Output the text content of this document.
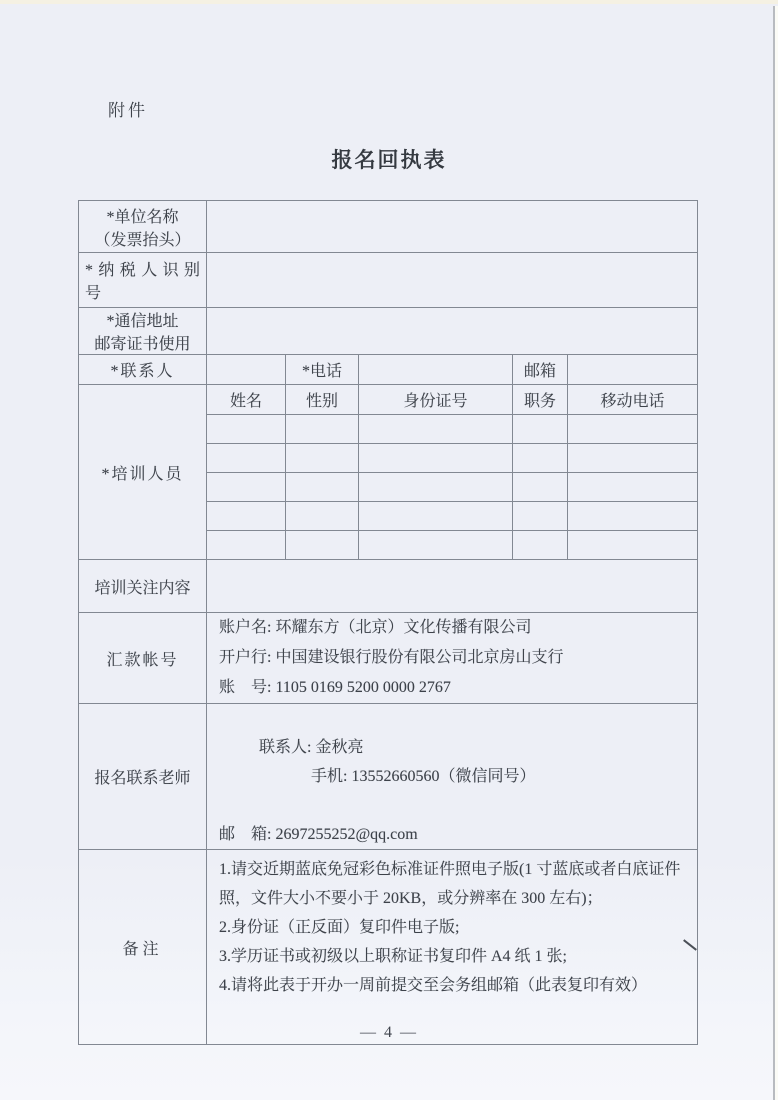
附件
报名回执表
*单位名称
（发票抬头）					

*纳税人识别
号					

*通信地址
邮寄证书使用					

*联系人		*电话		邮箱	
*培训人员	姓名	性别	身份证号	职务	移动电话

培训关注内容					
汇款帐号	账户名: 环耀东方（北京）文化传播有限公司
开户行: 中国建设银行股份有限公司北京房山支行
账　号: 1105 0169 5200 0000 2767				

报名联系老师	联系人: 金秋亮
手机: 13552660560（微信同号）

邮　箱: 2697255252@qq.com				

备注	1.请交近期蓝底免冠彩色标准证件照电子版(1 寸蓝底或者白底证件照，文件大小不要小于 20KB，或分辨率在 300 左右)；
2.身份证（正反面）复印件电子版;
3.学历证书或初级以上职称证书复印件 A4 纸 1 张;
4.请将此表于开办一周前提交至会务组邮箱（此表复印有效）				
— 4 —
